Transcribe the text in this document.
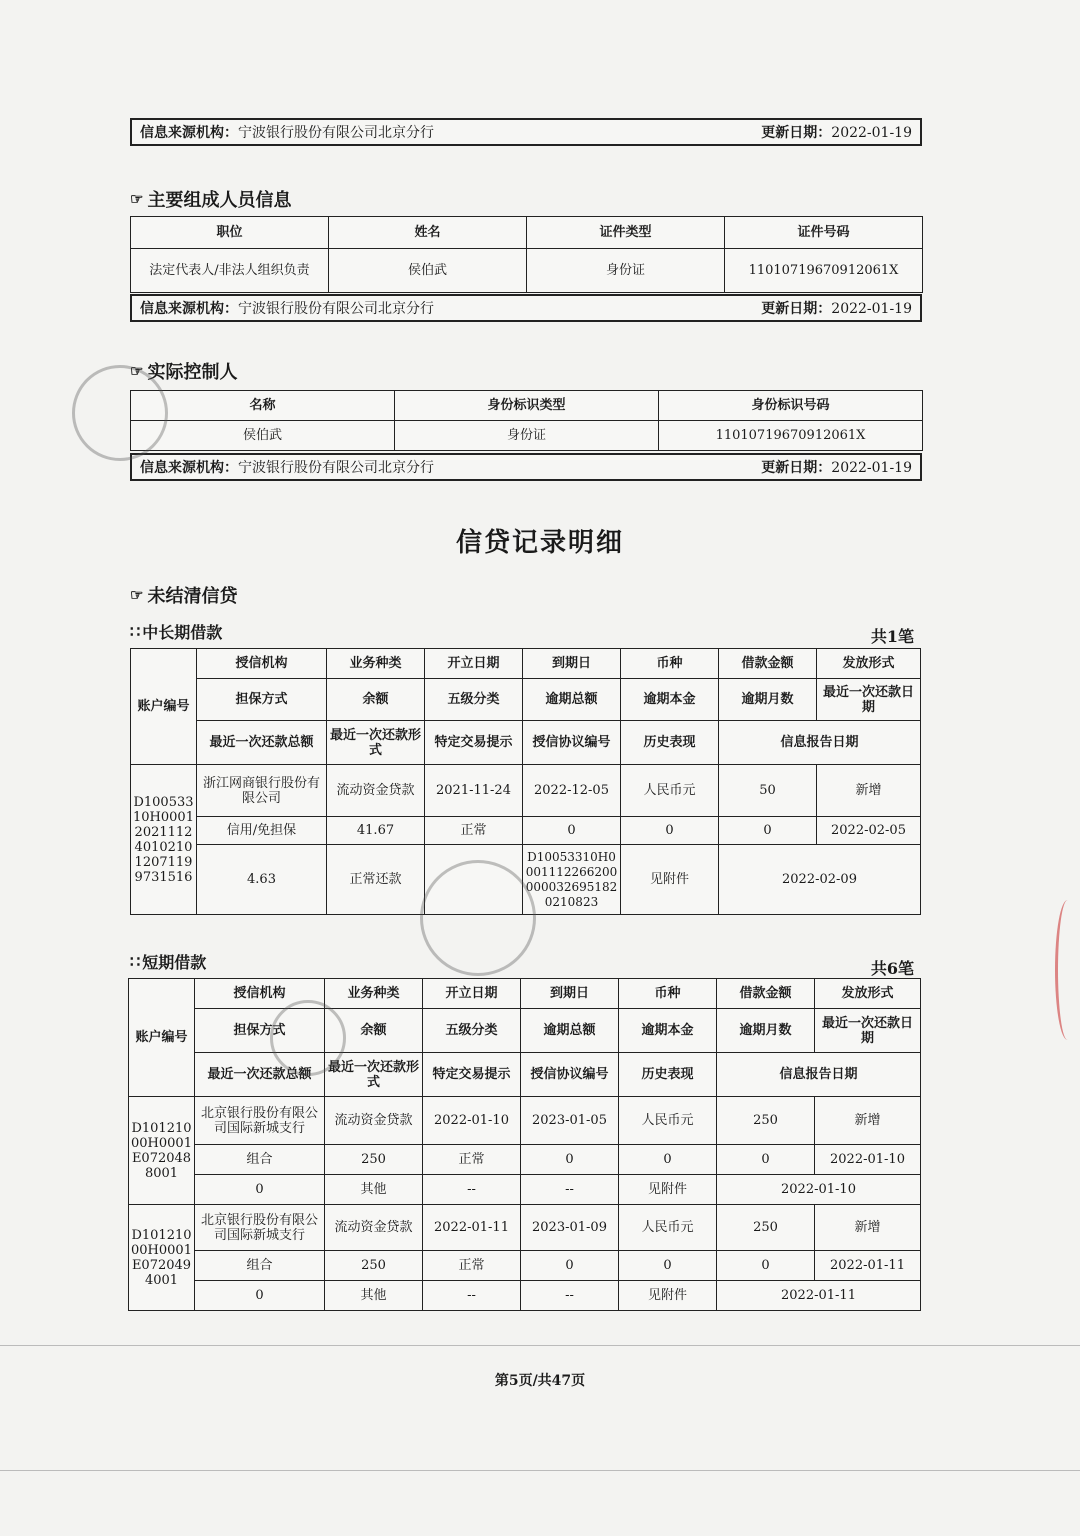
信息来源机构：宁波银行股份有限公司北京分行	更新日期：2022-01-19
☞ 主要组成人员信息
职位	姓名	证件类型	证件号码
法定代表人/非法人组织负责	侯伯武	身份证	11010719670912061X
信息来源机构：宁波银行股份有限公司北京分行	更新日期：2022-01-19
☞ 实际控制人
名称	身份标识类型	身份标识号码
侯伯武	身份证	11010719670912061X
信息来源机构：宁波银行股份有限公司北京分行	更新日期：2022-01-19
信贷记录明细
☞ 未结清信贷
∷ 中长期借款	共1笔
账户编号	授信机构	业务种类	开立日期	到期日	币种	借款金额	发放形式
	担保方式	余额	五级分类	逾期总额	逾期本金	逾期月数	最近一次还款日期
	最近一次还款总额	最近一次还款形式	特定交易提示	授信协议编号	历史表现	信息报告日期	
D10053310H00012021112401021012071199731516	浙江网商银行股份有限公司	流动资金贷款	2021-11-24	2022-12-05	人民币元	50	新增
	信用/免担保	41.67	正常	0	0	0	2022-02-05
	4.63	正常还款		D10053310H00011122662000000326951820210823	见附件	2022-02-09	
∷ 短期借款	共6笔
账户编号	授信机构	业务种类	开立日期	到期日	币种	借款金额	发放形式
	担保方式	余额	五级分类	逾期总额	逾期本金	逾期月数	最近一次还款日期
	最近一次还款总额	最近一次还款形式	特定交易提示	授信协议编号	历史表现	信息报告日期	
D10121000H0001E0720488001	北京银行股份有限公司国际新城支行	流动资金贷款	2022-01-10	2023-01-05	人民币元	250	新增
	组合	250	正常	0	0	0	2022-01-10
	0	其他	--	--	见附件	2022-01-10	
D10121000H0001E0720494001	北京银行股份有限公司国际新城支行	流动资金贷款	2022-01-11	2023-01-09	人民币元	250	新增
	组合	250	正常	0	0	0	2022-01-11
	0	其他	--	--	见附件	2022-01-11	
第5页/共47页
